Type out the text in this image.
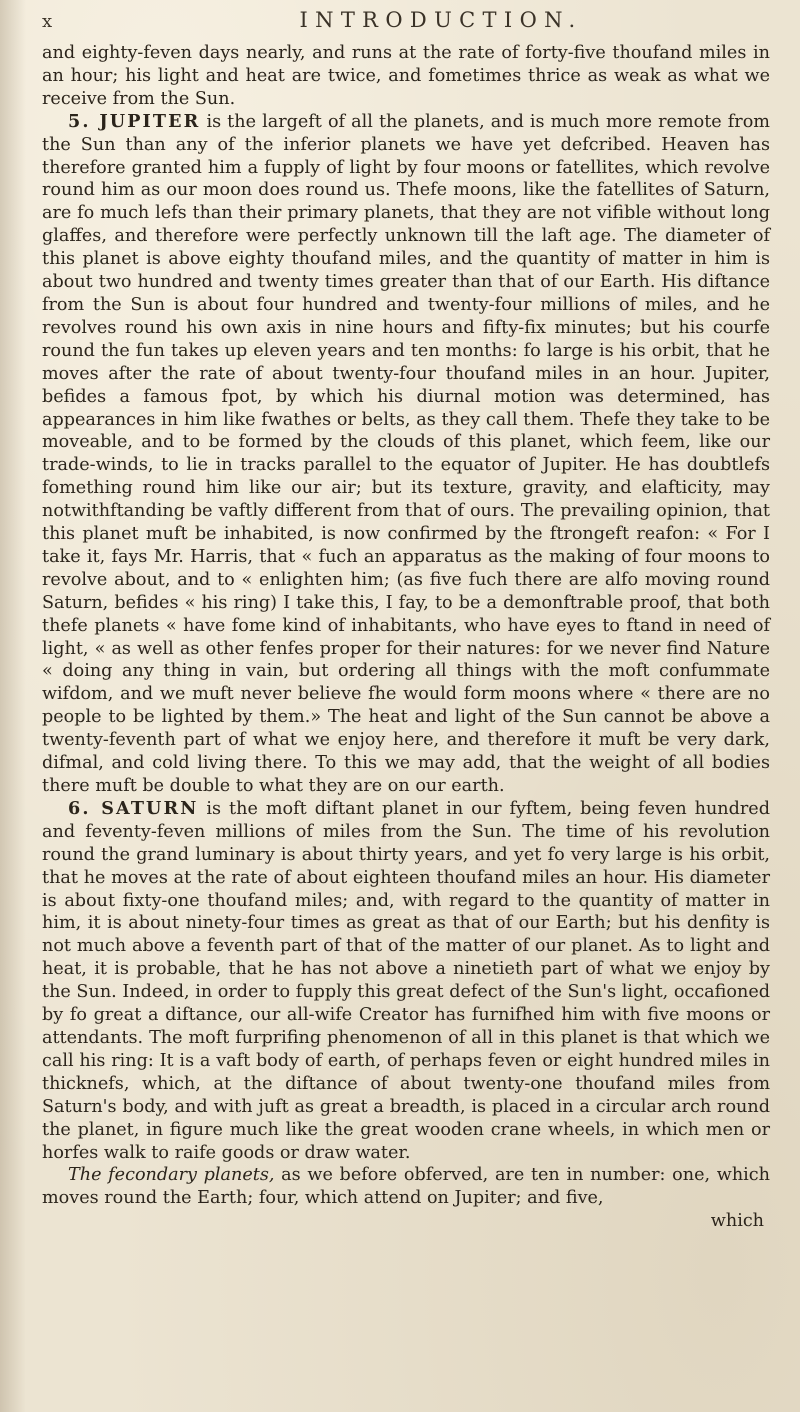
x	INTRODUCTION.

and eighty-feven days nearly, and runs at the rate of forty-five thoufand miles in an hour; his light and heat are twice, and fometimes thrice as weak as what we receive from the Sun.

5. JUPITER is the largeft of all the planets, and is much more remote from the Sun than any of the inferior planets we have yet defcribed. Heaven has therefore granted him a fupply of light by four moons or fatellites, which revolve round him as our moon does round us. Thefe moons, like the fatellites of Saturn, are fo much lefs than their primary planets, that they are not vifible without long glaffes, and therefore were perfectly unknown till the laft age. The diameter of this planet is above eighty thoufand miles, and the quantity of matter in him is about two hundred and twenty times greater than that of our Earth. His diftance from the Sun is about four hundred and twenty-four millions of miles, and he revolves round his own axis in nine hours and fifty-fix minutes; but his courfe round the fun takes up eleven years and ten months: fo large is his orbit, that he moves after the rate of about twenty-four thoufand miles in an hour. Jupiter, befides a famous fpot, by which his diurnal motion was determined, has appearances in him like fwathes or belts, as they call them. Thefe they take to be moveable, and to be formed by the clouds of this planet, which feem, like our trade-winds, to lie in tracks parallel to the equator of Jupiter. He has doubtlefs fomething round him like our air; but its texture, gravity, and elafticity, may notwithftanding be vaftly different from that of ours. The prevailing opinion, that this planet muft be inhabited, is now confirmed by the ftrongeft reafon: « For I take it, fays Mr. Harris, that « fuch an apparatus as the making of four moons to revolve about, and to « enlighten him; (as five fuch there are alfo moving round Saturn, befides « his ring) I take this, I fay, to be a demonftrable proof, that both thefe planets « have fome kind of inhabitants, who have eyes to ftand in need of light, « as well as other fenfes proper for their natures: for we never find Nature « doing any thing in vain, but ordering all things with the moft confummate wifdom, and we muft never believe fhe would form moons where « there are no people to be lighted by them.» The heat and light of the Sun cannot be above a twenty-feventh part of what we enjoy here, and therefore it muft be very dark, difmal, and cold living there. To this we may add, that the weight of all bodies there muft be double to what they are on our earth.

6. SATURN is the moft diftant planet in our fyftem, being feven hundred and feventy-feven millions of miles from the Sun. The time of his revolution round the grand luminary is about thirty years, and yet fo very large is his orbit, that he moves at the rate of about eighteen thoufand miles an hour. His diameter is about fixty-one thoufand miles; and, with regard to the quantity of matter in him, it is about ninety-four times as great as that of our Earth; but his denfity is not much above a feventh part of that of the matter of our planet. As to light and heat, it is probable, that he has not above a ninetieth part of what we enjoy by the Sun. Indeed, in order to fupply this great defect of the Sun's light, occafioned by fo great a diftance, our all-wife Creator has furnifhed him with five moons or attendants. The moft furprifing phenomenon of all in this planet is that which we call his ring: It is a vaft body of earth, of perhaps feven or eight hundred miles in thicknefs, which, at the diftance of about twenty-one thoufand miles from Saturn's body, and with juft as great a breadth, is placed in a circular arch round the planet, in figure much like the great wooden crane wheels, in which men or horfes walk to raife goods or draw water.

The fecondary planets, as we before obferved, are ten in number: one, which moves round the Earth; four, which attend on Jupiter; and five,

which
